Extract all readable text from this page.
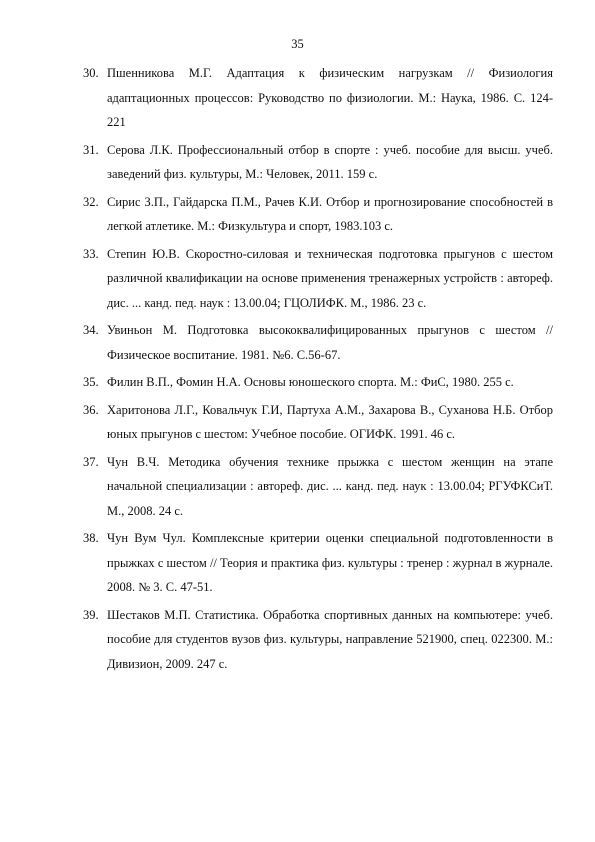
35
30. Пшенникова М.Г. Адаптация к физическим нагрузкам // Физиология адаптационных процессов: Руководство по физиологии. М.: Наука, 1986. С. 124-221
31. Серова Л.К. Профессиональный отбор в спорте : учеб. пособие для высш. учеб. заведений физ. культуры, М.: Человек, 2011. 159 с.
32. Сирис З.П., Гайдарска П.М., Рачев К.И. Отбор и прогнозирование способностей в легкой атлетике. М.: Физкультура и спорт, 1983.103 с.
33. Степин Ю.В. Скоростно-силовая и техническая подготовка прыгунов с шестом различной квалификации на основе применения тренажерных устройств : автореф. дис. ... канд. пед. наук : 13.00.04; ГЦОЛИФК. М., 1986. 23 с.
34. Увиньон М. Подготовка высококвалифицированных прыгунов с шестом //Физическое воспитание. 1981. №6. С.56-67.
35. Филин В.П., Фомин Н.А. Основы юношеского спорта. М.: ФиС, 1980. 255 с.
36. Харитонова Л.Г., Ковальчук Г.И, Партуха А.М., Захарова В., Суханова Н.Б. Отбор юных прыгунов с шестом: Учебное пособие. ОГИФК. 1991. 46 с.
37. Чун В.Ч. Методика обучения технике прыжка с шестом женщин на этапе начальной специализации : автореф. дис. ... канд. пед. наук : 13.00.04; РГУФКСиТ. М., 2008. 24 с.
38. Чун Вум Чул. Комплексные критерии оценки специальной подготовленности в прыжках с шестом // Теория и практика физ. культуры : тренер : журнал в журнале. 2008. № 3. С. 47-51.
39. Шестаков М.П. Статистика. Обработка спортивных данных на компьютере: учеб. пособие для студентов вузов физ. культуры, направление 521900, спец. 022300. М.: Дивизион, 2009. 247 с.
